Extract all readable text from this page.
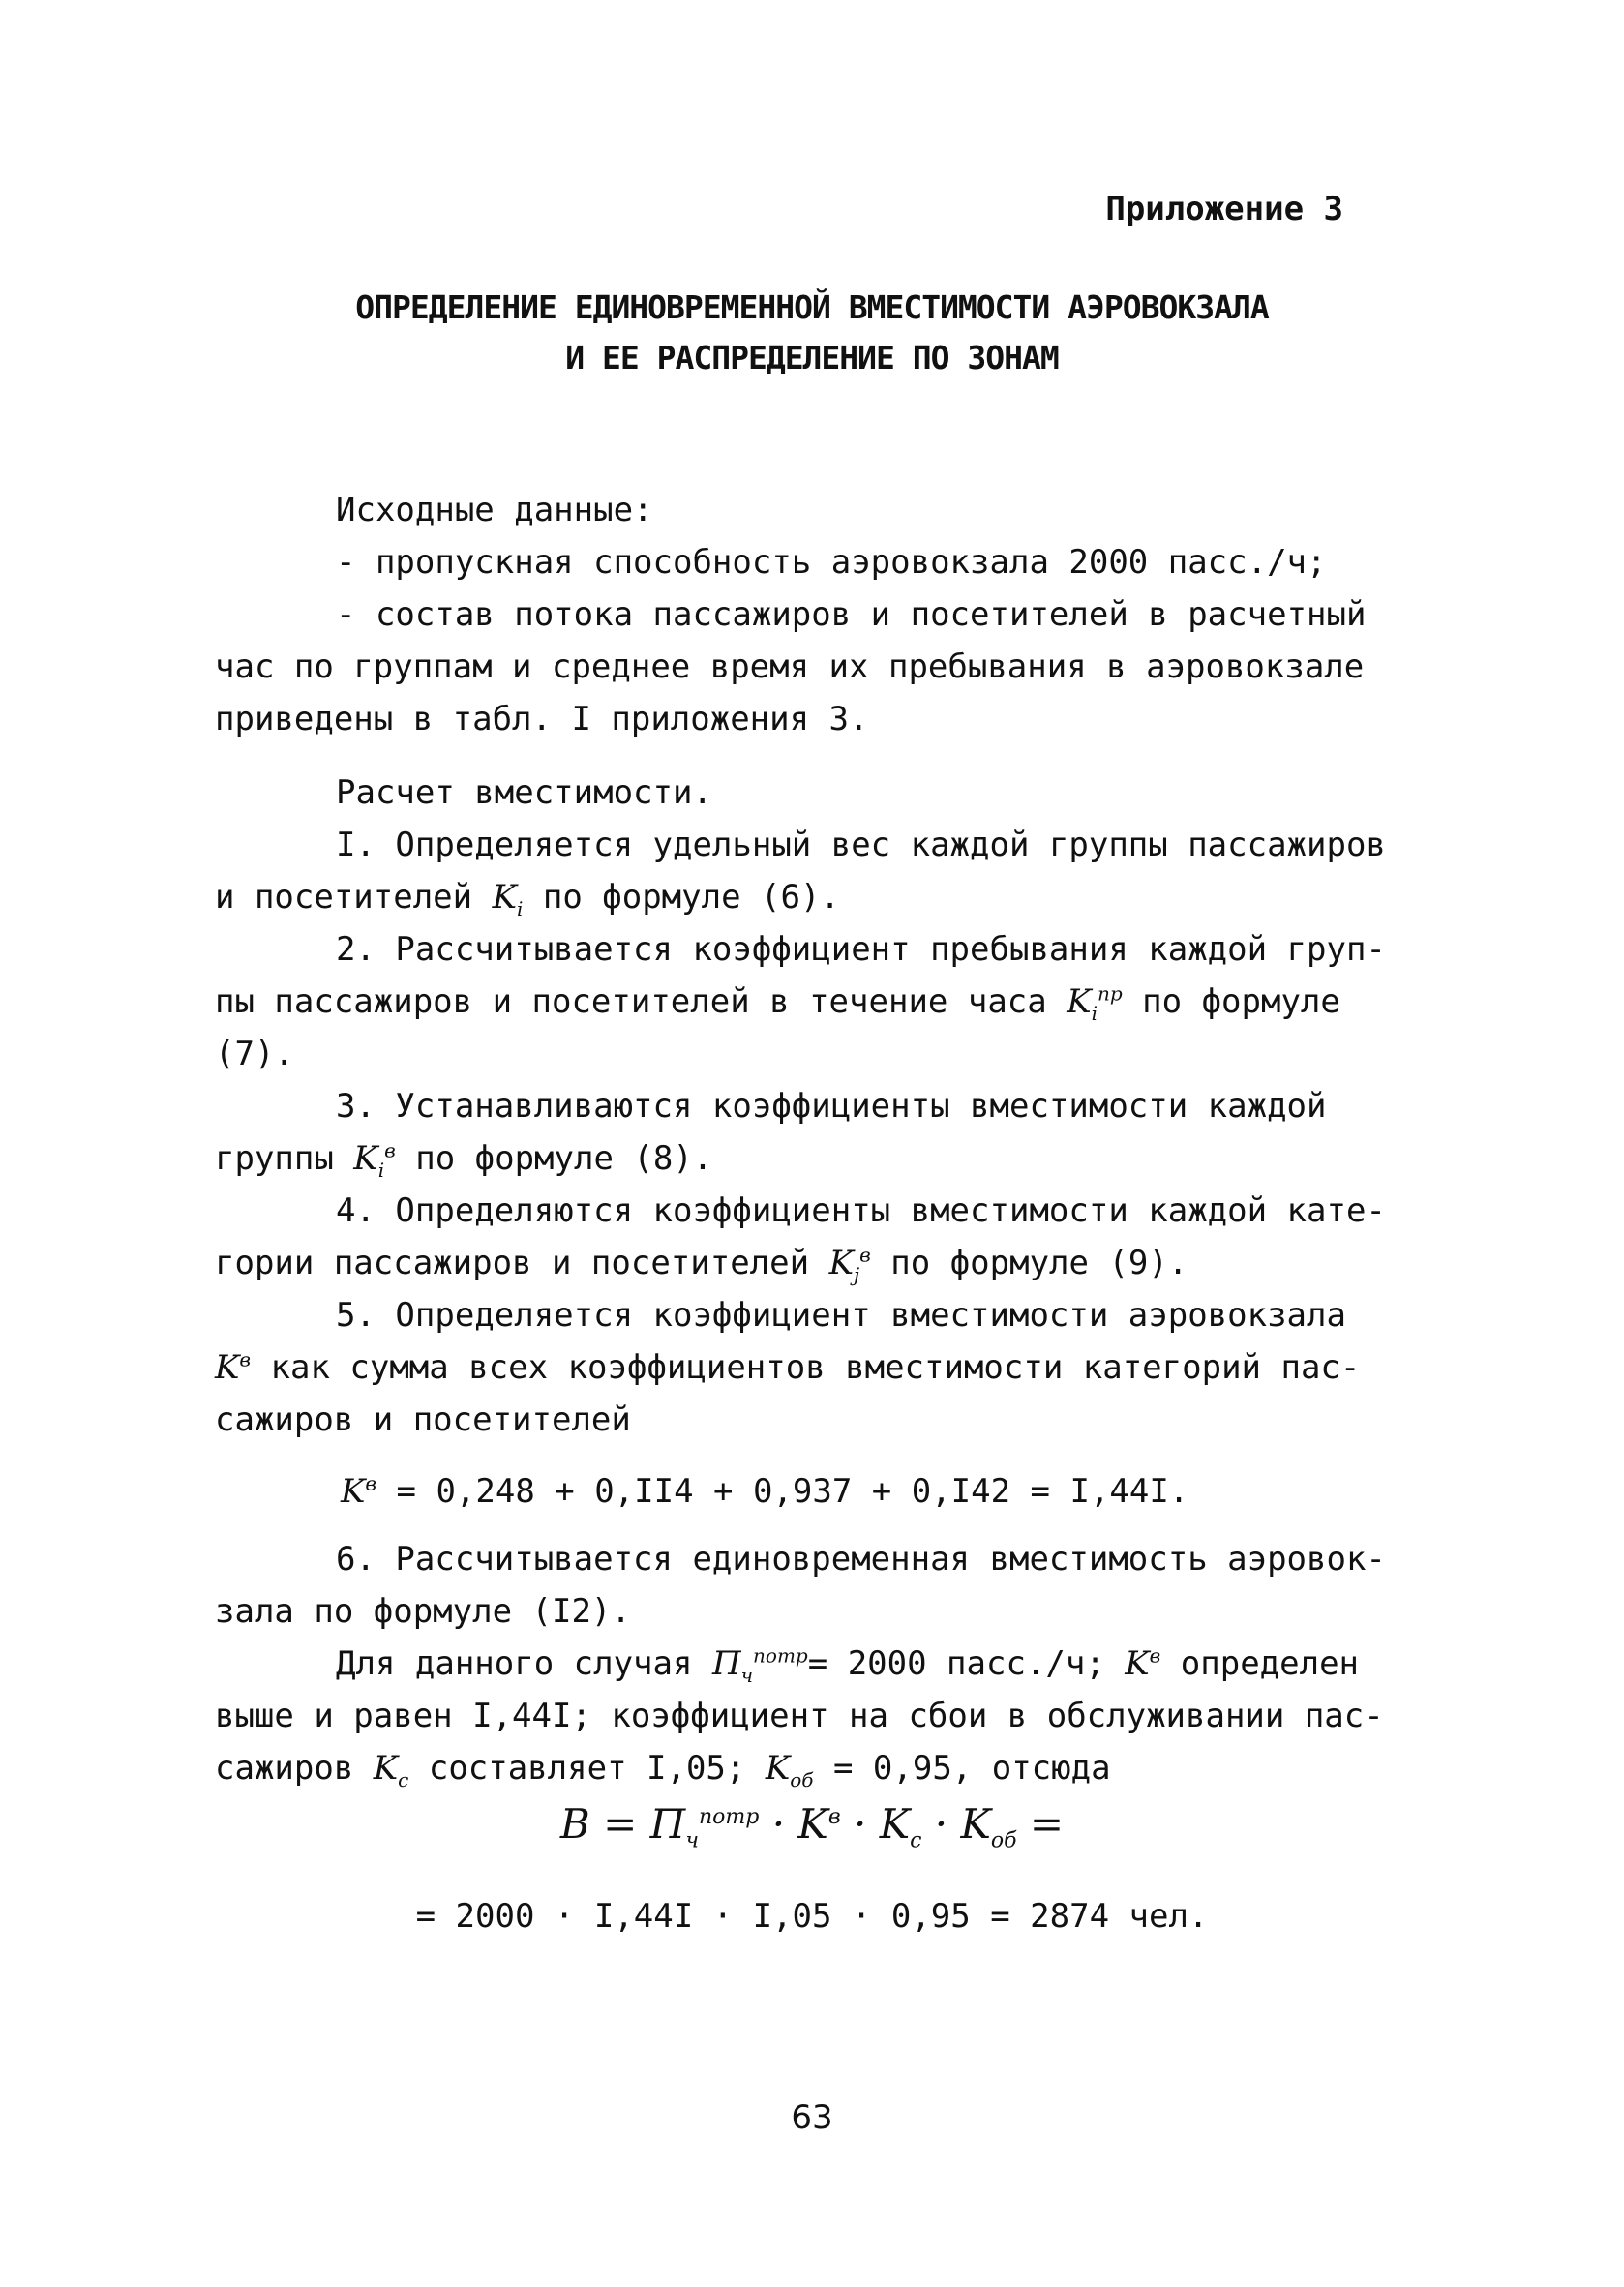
Приложение 3
ОПРЕДЕЛЕНИЕ ЕДИНОВРЕМЕННОЙ ВМЕСТИМОСТИ АЭРОВОКЗАЛА
И ЕЕ РАСПРЕДЕЛЕНИЕ ПО ЗОНАМ

Исходные данные:

- пропускная способность аэровокзала 2000 пасс./ч;

- состав потока пассажиров и посетителей в расчетный

час по группам и среднее время их пребывания в аэровокзале

приведены в табл. I приложения 3.

Расчет вместимости.

I. Определяется удельный вес каждой группы пассажиров

и посетителей $K_i$ по формуле (6).

2. Рассчитывается коэффициент пребывания каждой груп-

пы пассажиров и посетителей в течение часа $K_i^{пр}$ по формуле

(7).

3. Устанавливаются коэффициенты вместимости каждой

группы $K_i^в$ по формуле (8).

4. Определяются коэффициенты вместимости каждой кате-

гории пассажиров и посетителей $K_j^в$ по формуле (9).

5. Определяется коэффициент вместимости аэровокзала

$K^в$ как сумма всех коэффициентов вместимости категорий пас-

сажиров и посетителей

$K^в = 0,248 + 0,II4 + 0,937 + 0,I42 = I,44I$.

6. Рассчитывается единовременная вместимость аэровок-

зала по формуле (I2).

Для данного случая $П_ч^{потр}= 2000$ пасс./ч; $K^в$ определен

выше и равен I,44I; коэффициент на сбои в обслуживании пас-

сажиров $K_c$ составляет I,05; $K_{об} = 0,95$, отсюда

$B = П_ч^{потр} \cdot K^в \cdot K_c \cdot K_{об}$ =
= 2000 · I,44I · I,05 · 0,95 = 2874 чел.
63
